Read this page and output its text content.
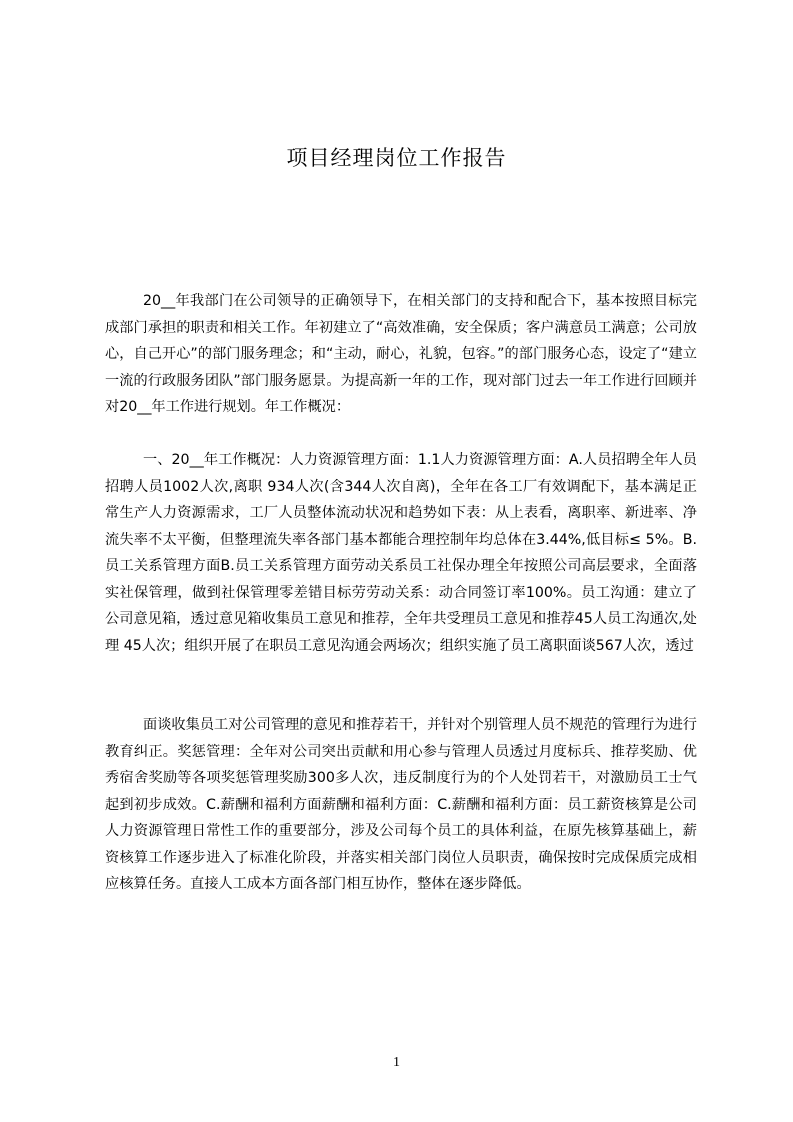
项目经理岗位工作报告
20__年我部门在公司领导的正确领导下，在相关部门的支持和配合下，基本按照目标完成部门承担的职责和相关工作。年初建立了“高效准确，安全保质；客户满意员工满意；公司放心，自己开心”的部门服务理念；和“主动，耐心，礼貌，包容。”的部门服务心态，设定了“建立一流的行政服务团队”部门服务愿景。为提高新一年的工作，现对部门过去一年工作进行回顾并对20__年工作进行规划。年工作概况：
一、20__年工作概况：人力资源管理方面：1.1人力资源管理方面：A.人员招聘全年人员招聘人员1002人次,离职 934人次(含344人次自离)，全年在各工厂有效调配下，基本满足正常生产人力资源需求，工厂人员整体流动状况和趋势如下表：从上表看，离职率、新进率、净流失率不太平衡，但整理流失率各部门基本都能合理控制年均总体在3.44%,低目标≤ 5%。B.员工关系管理方面B.员工关系管理方面劳动关系员工社保办理全年按照公司高层要求，全面落实社保管理，做到社保管理零差错目标劳劳动关系：动合同签订率100%。员工沟通：建立了公司意见箱，透过意见箱收集员工意见和推荐，全年共受理员工意见和推荐45人员工沟通次,处理 45人次；组织开展了在职员工意见沟通会两场次；组织实施了员工离职面谈567人次，透过
面谈收集员工对公司管理的意见和推荐若干，并针对个别管理人员不规范的管理行为进行教育纠正。奖惩管理：全年对公司突出贡献和用心参与管理人员透过月度标兵、推荐奖励、优秀宿舍奖励等各项奖惩管理奖励300多人次，违反制度行为的个人处罚若干，对激励员工士气起到初步成效。C.薪酬和福利方面薪酬和福利方面：C.薪酬和福利方面：员工薪资核算是公司人力资源管理日常性工作的重要部分，涉及公司每个员工的具体利益，在原先核算基础上，薪资核算工作逐步进入了标准化阶段，并落实相关部门岗位人员职责，确保按时完成保质完成相应核算任务。直接人工成本方面各部门相互协作，整体在逐步降低。
1
